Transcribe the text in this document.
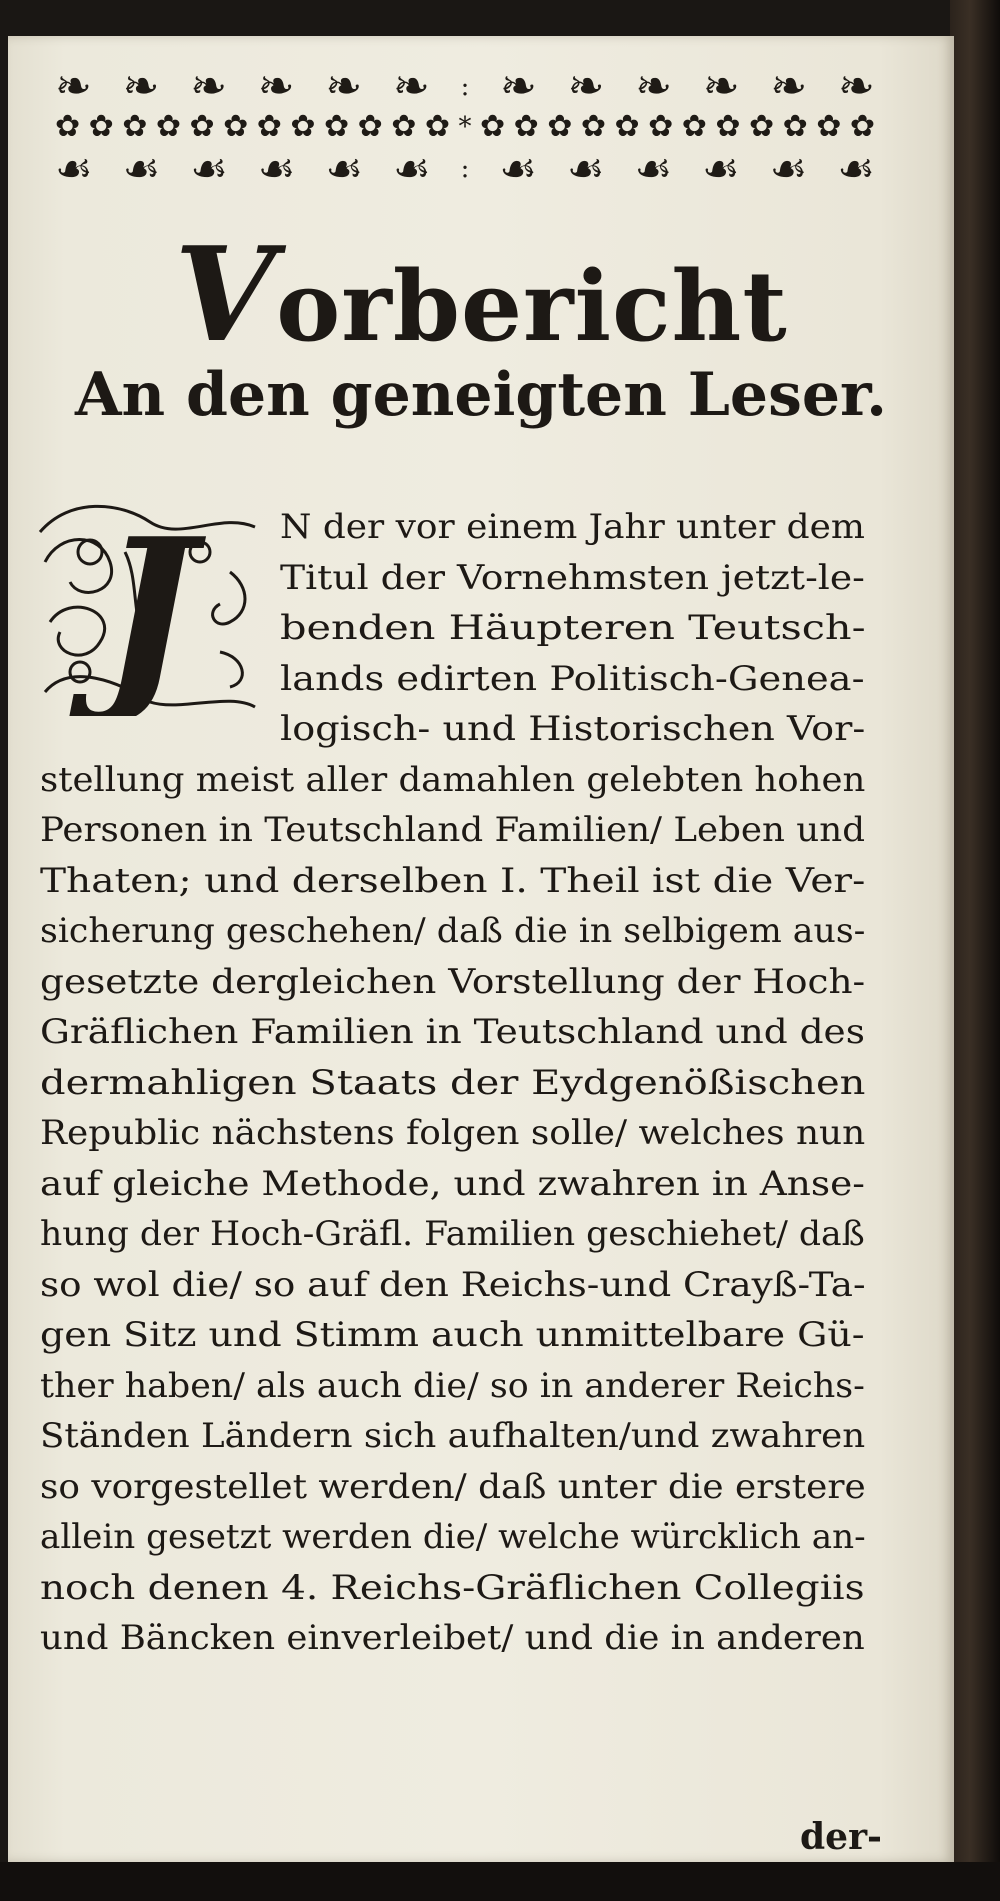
❧ ❧ ❧ ❧ ❧ ❧ : ❧ ❧ ❧ ❧ ❧ ❧
✿ ✿ ✿ ✿ ✿ ✿ ✿ ✿ ✿ ✿ ✿ ✿ * ✿ ✿ ✿ ✿ ✿ ✿ ✿ ✿ ✿ ✿ ✿ ✿
☙ ☙ ☙ ☙ ☙ ☙ : ☙ ☙ ☙ ☙ ☙ ☙
Vorbericht
An den geneigten Leser.
J	N der vor einem Jahr unter dem
Titul der Vornehmsten jetzt-le-
benden Häupteren Teutsch-
lands edirten Politisch-Genea-
logisch- und Historischen Vor-
stellung meist aller damahlen gelebten hohen
Personen in Teutschland Familien/ Leben und
Thaten; und derselben I. Theil ist die Ver-
sicherung geschehen/ daß die in selbigem aus-
gesetzte dergleichen Vorstellung der Hoch-
Gräflichen Familien in Teutschland und des
dermahligen Staats der Eydgenößischen
Republic nächstens folgen solle/ welches nun
auf gleiche Methode, und zwahren in Anse-
hung der Hoch-Gräfl. Familien geschiehet/ daß
so wol die/ so auf den Reichs-und Crayß-Ta-
gen Sitz und Stimm auch unmittelbare Gü-
ther haben/ als auch die/ so in anderer Reichs-
Ständen Ländern sich aufhalten/und zwahren
so vorgestellet werden/ daß unter die erstere
allein gesetzt werden die/ welche würcklich an-
noch denen 4. Reichs-Gräflichen Collegiis
und Bäncken einverleibet/ und die in anderen
der-
